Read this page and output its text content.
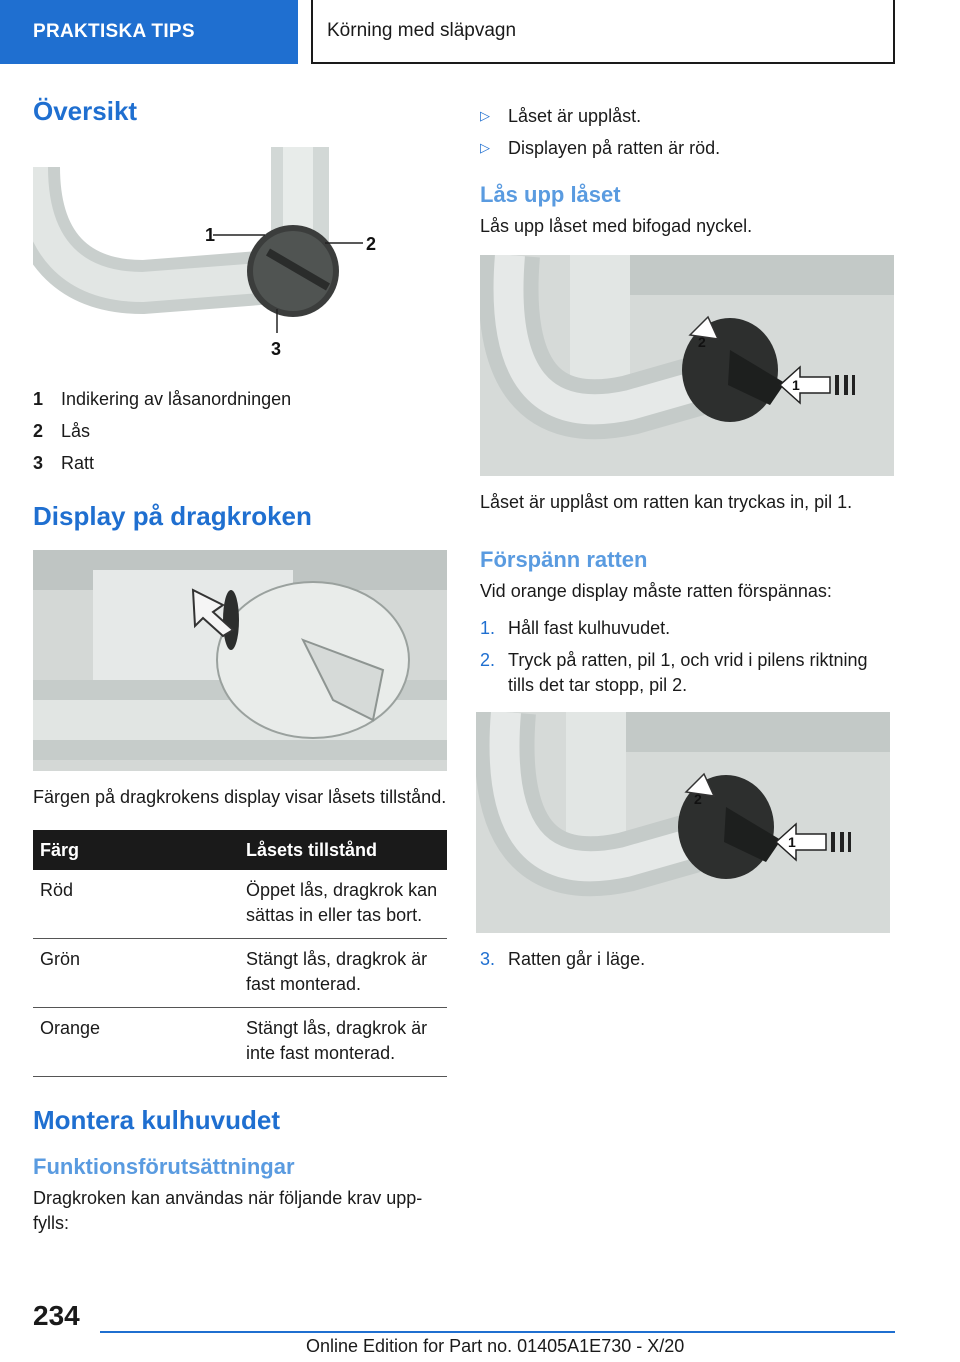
PRAKTISKA TIPS	Körning med släpvagn
Översikt
1	2
3
1 Indikering av låsanordningen
2 Lås
3 Ratt
Display på dragkroken

Färgen på dragkrokens display visar låsets tillstånd.

Färg	Låsets tillstånd
Röd	Öppet lås, dragkrok kan sättas in eller tas bort.
Grön	Stängt lås, dragkrok är fast monterad.
Orange	Stängt lås, dragkrok är inte fast monterad.
Montera kulhuvudet
Funktionsförutsättningar

Dragkroken kan användas när följande krav uppfylls:

▷	Låset är upplåst.
▷	Displayen på ratten är röd.
Lås upp låset

Lås upp låset med bifogad nyckel.

2
1

Låset är upplåst om ratten kan tryckas in, pil 1.

Förspänn ratten

Vid orange display måste ratten förspännas:

1. Håll fast kulhuvudet.
2. Tryck på ratten, pil 1, och vrid i pilens riktning tills det tar stopp, pil 2.
2
1
3. Ratten går i läge.
234
Online Edition for Part no. 01405A1E730 - X/20
